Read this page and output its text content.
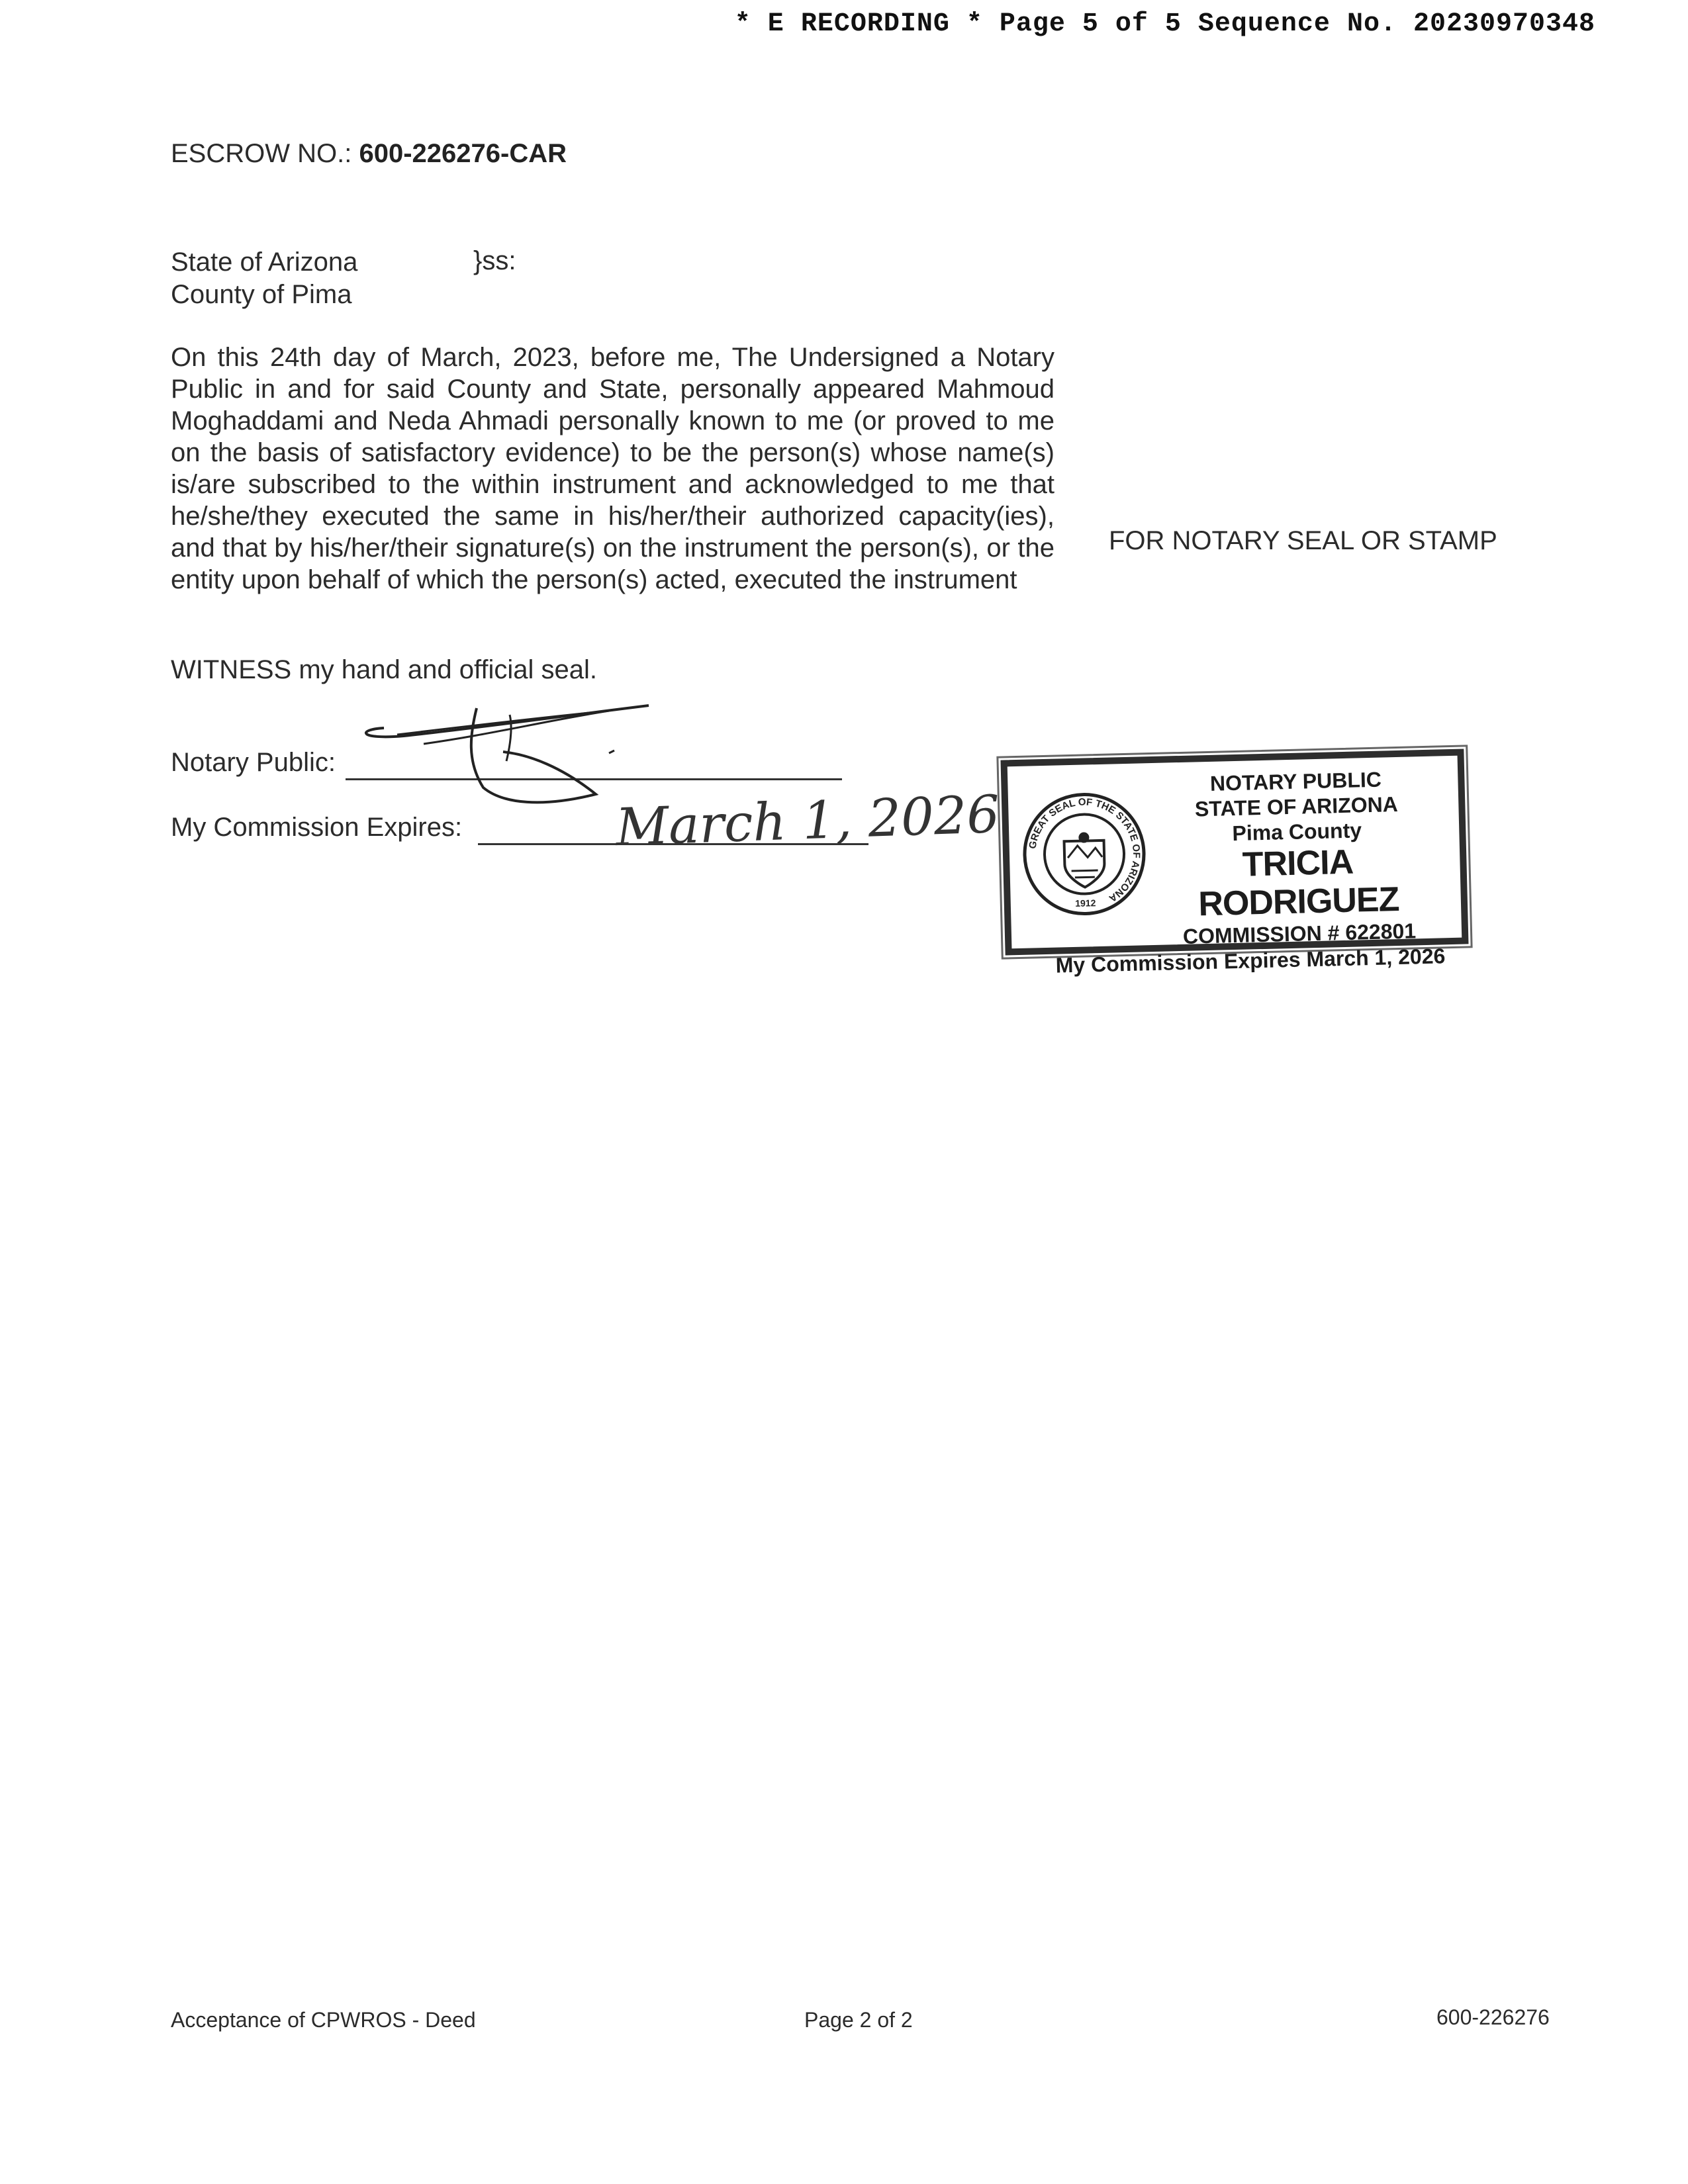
* E RECORDING * Page 5 of 5 Sequence No. 20230970348
ESCROW NO.: 600-226276-CAR
State of Arizona
County of Pima
}ss:
On this 24th day of March, 2023, before me, The Undersigned a Notary Public in and for said County and State, personally appeared Mahmoud Moghaddami and Neda Ahmadi personally known to me (or proved to me on the basis of satisfactory evidence) to be the person(s) whose name(s) is/are subscribed to the within instrument and acknowledged to me that he/she/they executed the same in his/her/their authorized capacity(ies), and that by his/her/their signature(s) on the instrument the person(s), or the entity upon behalf of which the person(s) acted, executed the instrument
FOR NOTARY SEAL OR STAMP
WITNESS my hand and official seal.
Notary Public:
My Commission Expires:	March 1, 2026	GREAT SEAL OF THE STATE OF ARIZONA
1912
NOTARY PUBLIC
STATE OF ARIZONA
Pima County
TRICIA RODRIGUEZ
COMMISSION # 622801
My Commission Expires March 1, 2026
Acceptance of CPWROS - Deed	Page 2 of 2	600-226276
